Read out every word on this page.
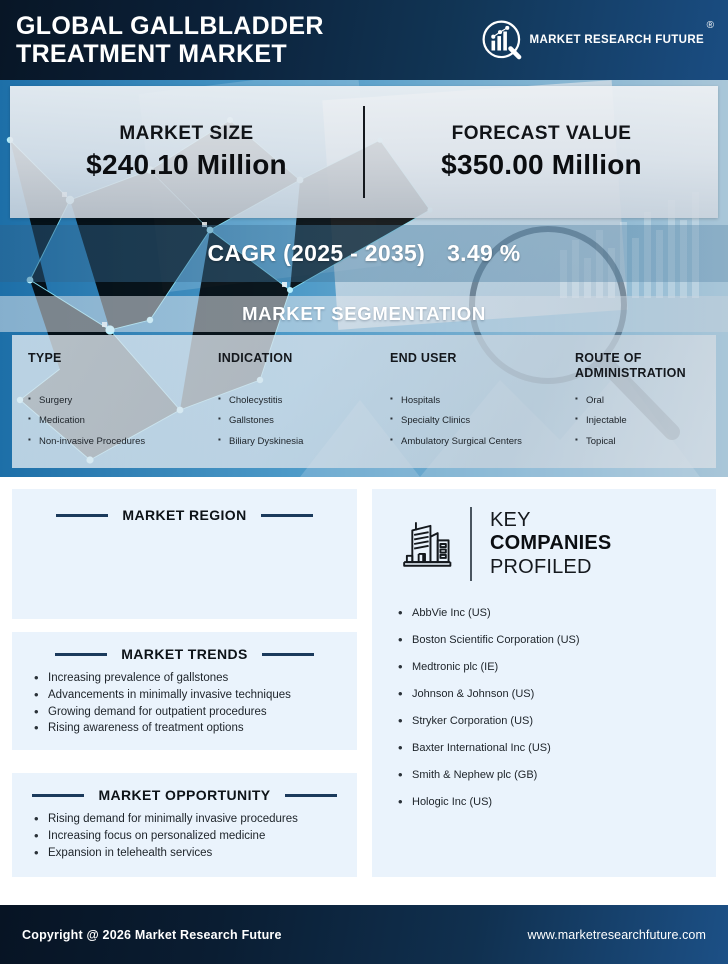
GLOBAL GALLBLADDER TREATMENT MARKET	MARKET RESEARCH FUTURE
®
MARKET SIZE
$240.10 Million
FORECAST VALUE
$350.00 Million
CAGR (2025 - 2035) 3.49 %
MARKET SEGMENTATION
TYPE
▪ Surgery
▪ Medication
▪ Non-invasive Procedures
INDICATION
▪ Cholecystitis
▪ Gallstones
▪ Biliary Dyskinesia
END USER
▪ Hospitals
▪ Specialty Clinics
▪ Ambulatory Surgical Centers
ROUTE OF ADMINISTRATION
▪ Oral
▪ Injectable
▪ Topical
MARKET REGION
MARKET TRENDS
• Increasing prevalence of gallstones
• Advancements in minimally invasive techniques
• Growing demand for outpatient procedures
• Rising awareness of treatment options
MARKET OPPORTUNITY
• Rising demand for minimally invasive procedures
• Increasing focus on personalized medicine
• Expansion in telehealth services
KEY
COMPANIES
PROFILED
• AbbVie Inc (US)
• Boston Scientific Corporation (US)
• Medtronic plc (IE)
• Johnson & Johnson (US)
• Stryker Corporation (US)
• Baxter International Inc (US)
• Smith & Nephew plc (GB)
• Hologic Inc (US)
Copyright @ 2025 Market Research Future	www.marketresearchfuture.com
Copyright @ 2026 Market Research Future	www.marketresearchfuture.com
